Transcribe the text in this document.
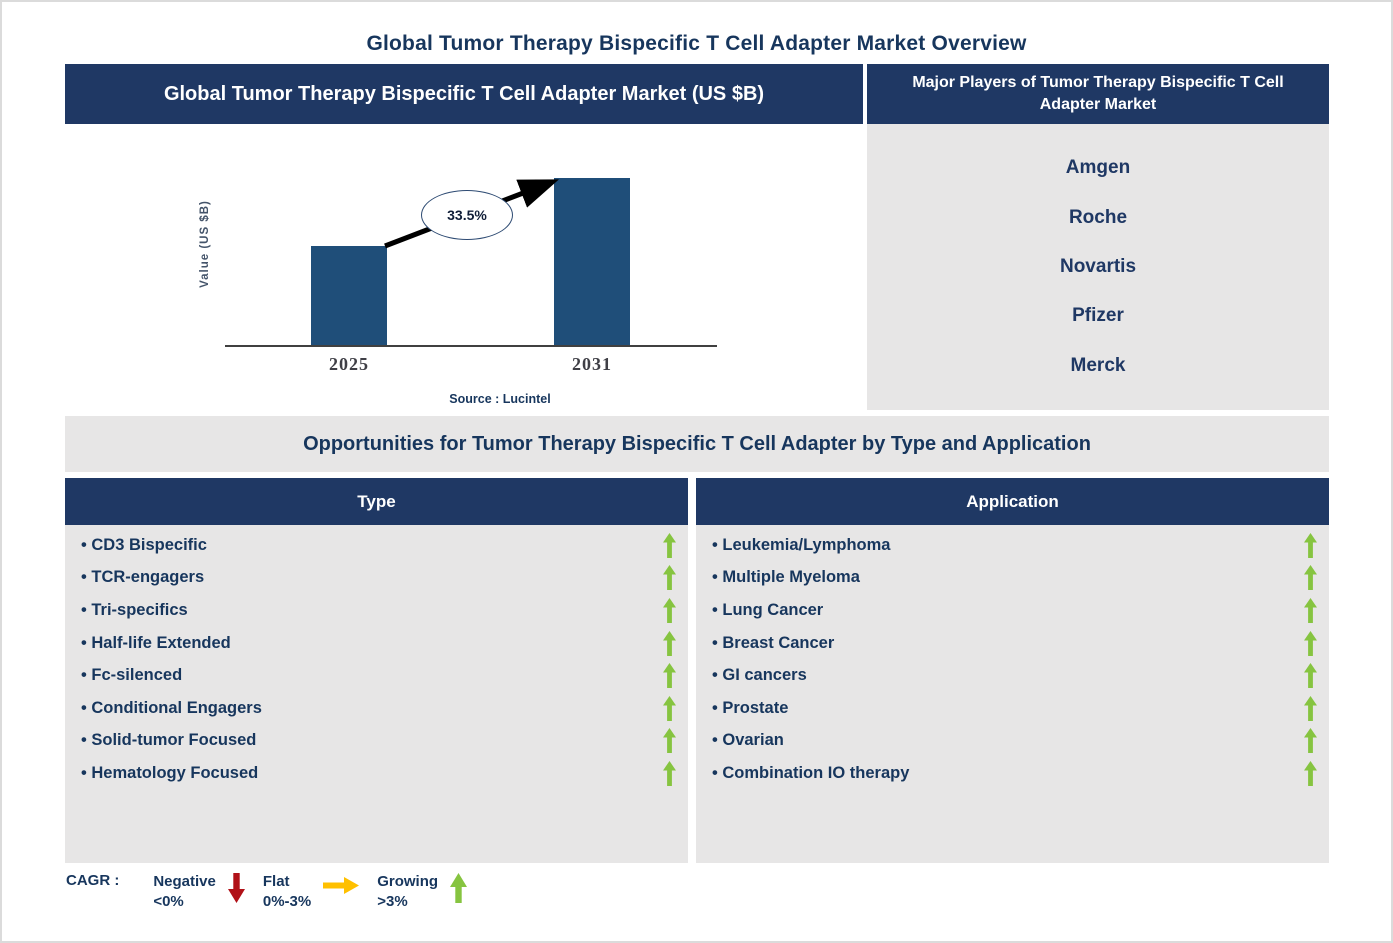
Global Tumor Therapy Bispecific T Cell Adapter Market Overview
Global Tumor Therapy Bispecific T Cell Adapter Market (US $B)	Major Players of Tumor Therapy Bispecific T Cell Adapter Market
Amgen
Roche
Novartis
Pfizer
Merck
Value (US $B)	33.5%
2025	2031
Source : Lucintel
Opportunities for Tumor Therapy Bispecific T Cell Adapter by Type and Application
Type
• CD3 Bispecific
• TCR-engagers
• Tri-specifics
• Half-life Extended
• Fc-silenced
• Conditional Engagers
• Solid-tumor Focused
• Hematology Focused
Application
• Leukemia/Lymphoma
• Multiple Myeloma
• Lung Cancer
• Breast Cancer
• GI cancers
• Prostate
• Ovarian
• Combination IO therapy
CAGR : Negative
<0%
Flat
0%-3%
Growing
>3%
